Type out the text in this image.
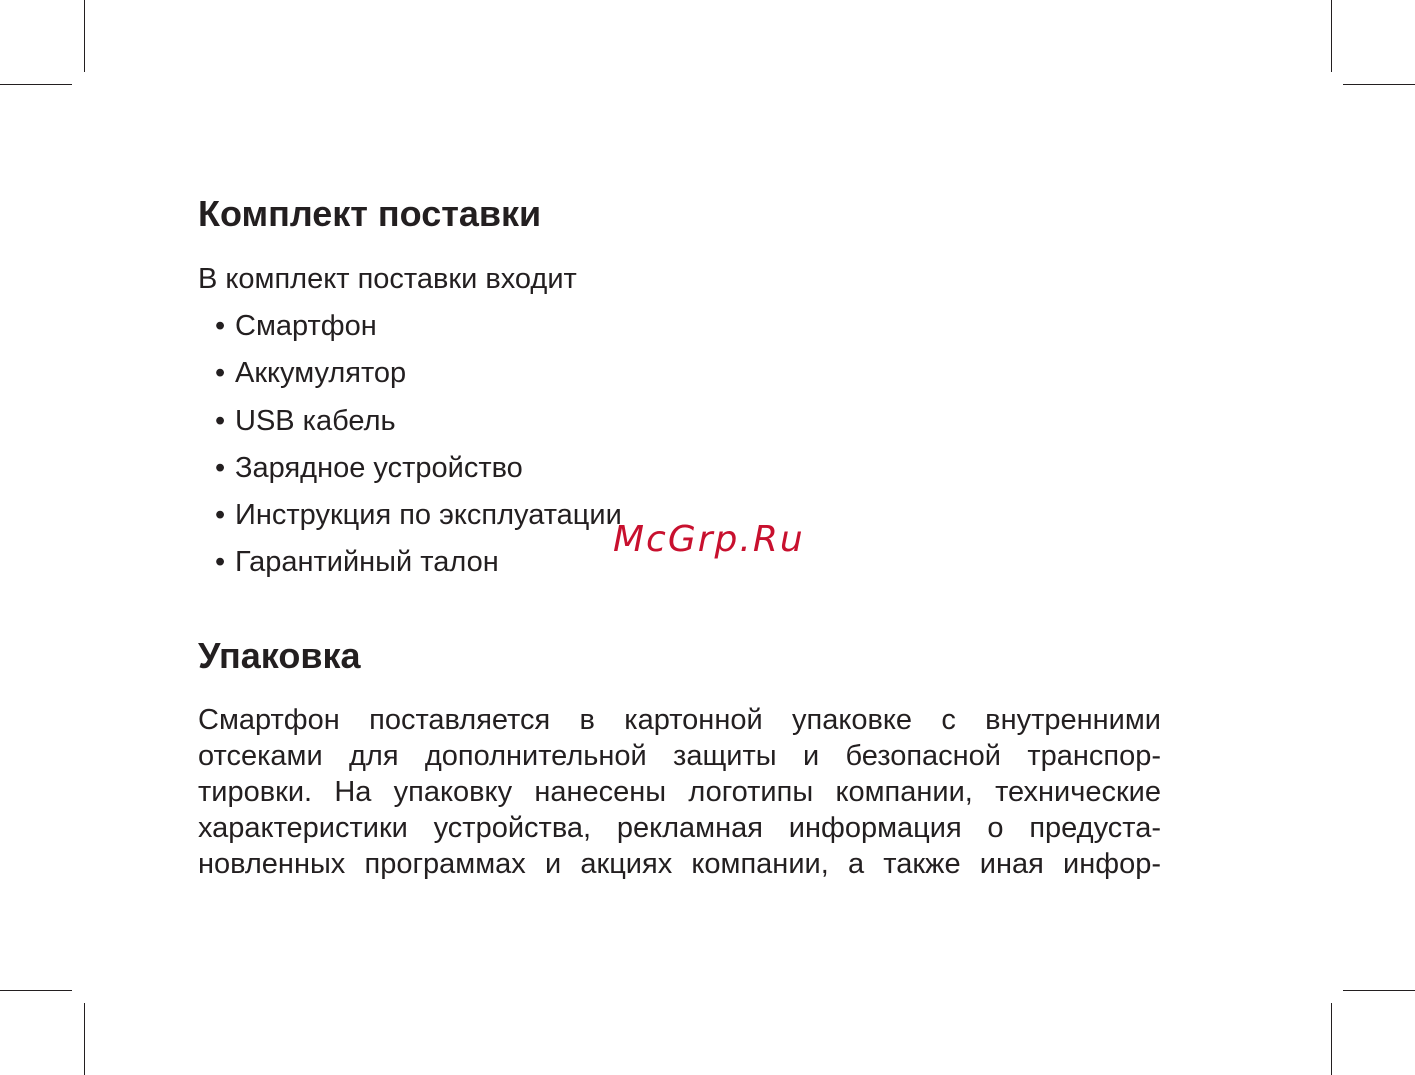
Комплект поставки

В комплект поставки входит

• Смартфон
• Аккумулятор
• USB кабель
• Зарядное устройство
• Инструкция по эксплуатации
• Гарантийный талон
Упаковка
Смартфон поставляется в картонной упаковке с внутренними
отсеками для дополнительной защиты и безопасной транспор-
тировки. На упаковку нанесены логотипы компании, технические
характеристики устройства, рекламная информация о предуста-
новленных программах и акциях компании, а также иная инфор-
McGrp.Ru
